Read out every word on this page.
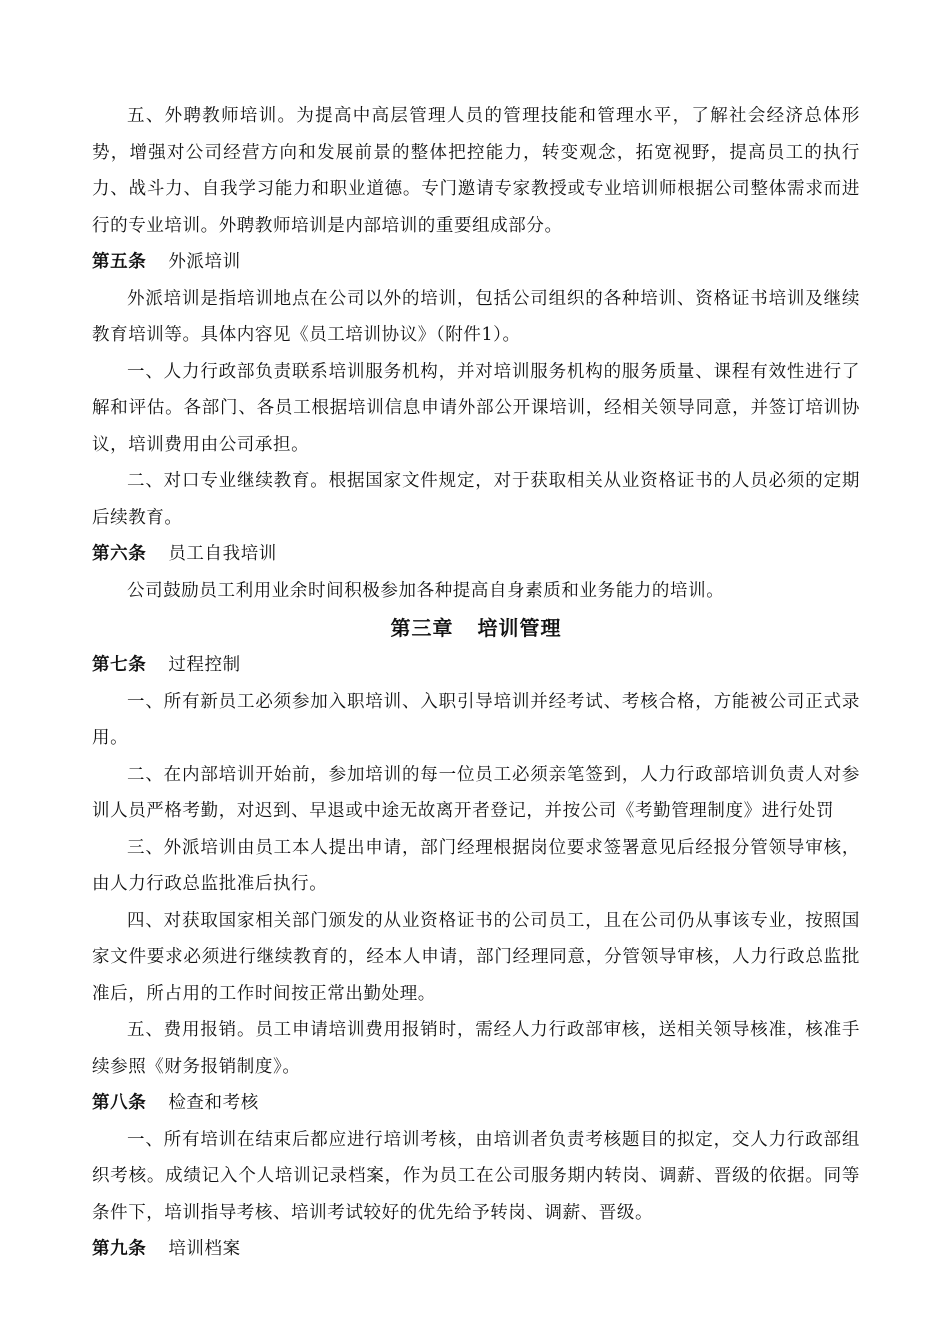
五、外聘教师培训。为提高中高层管理人员的管理技能和管理水平，了解社会经济总体形势，增强对公司经营方向和发展前景的整体把控能力，转变观念，拓宽视野，提高员工的执行力、战斗力、自我学习能力和职业道德。专门邀请专家教授或专业培训师根据公司整体需求而进行的专业培训。外聘教师培训是内部培训的重要组成部分。

第五条 外派培训

外派培训是指培训地点在公司以外的培训，包括公司组织的各种培训、资格证书培训及继续教育培训等。具体内容见《员工培训协议》（附件1）。

一、人力行政部负责联系培训服务机构，并对培训服务机构的服务质量、课程有效性进行了解和评估。各部门、各员工根据培训信息申请外部公开课培训，经相关领导同意，并签订培训协议，培训费用由公司承担。

二、对口专业继续教育。根据国家文件规定，对于获取相关从业资格证书的人员必须的定期后续教育。

第六条 员工自我培训

公司鼓励员工利用业余时间积极参加各种提高自身素质和业务能力的培训。

第三章 培训管理

第七条 过程控制

一、所有新员工必须参加入职培训、入职引导培训并经考试、考核合格，方能被公司正式录用。

二、在内部培训开始前，参加培训的每一位员工必须亲笔签到，人力行政部培训负责人对参训人员严格考勤，对迟到、早退或中途无故离开者登记，并按公司《考勤管理制度》进行处罚

三、外派培训由员工本人提出申请，部门经理根据岗位要求签署意见后经报分管领导审核，由人力行政总监批准后执行。

四、对获取国家相关部门颁发的从业资格证书的公司员工，且在公司仍从事该专业，按照国家文件要求必须进行继续教育的，经本人申请，部门经理同意，分管领导审核，人力行政总监批准后，所占用的工作时间按正常出勤处理。

五、费用报销。员工申请培训费用报销时，需经人力行政部审核，送相关领导核准，核准手续参照《财务报销制度》。

第八条 检查和考核

一、所有培训在结束后都应进行培训考核，由培训者负责考核题目的拟定，交人力行政部组织考核。成绩记入个人培训记录档案，作为员工在公司服务期内转岗、调薪、晋级的依据。同等条件下，培训指导考核、培训考试较好的优先给予转岗、调薪、晋级。

第九条 培训档案
